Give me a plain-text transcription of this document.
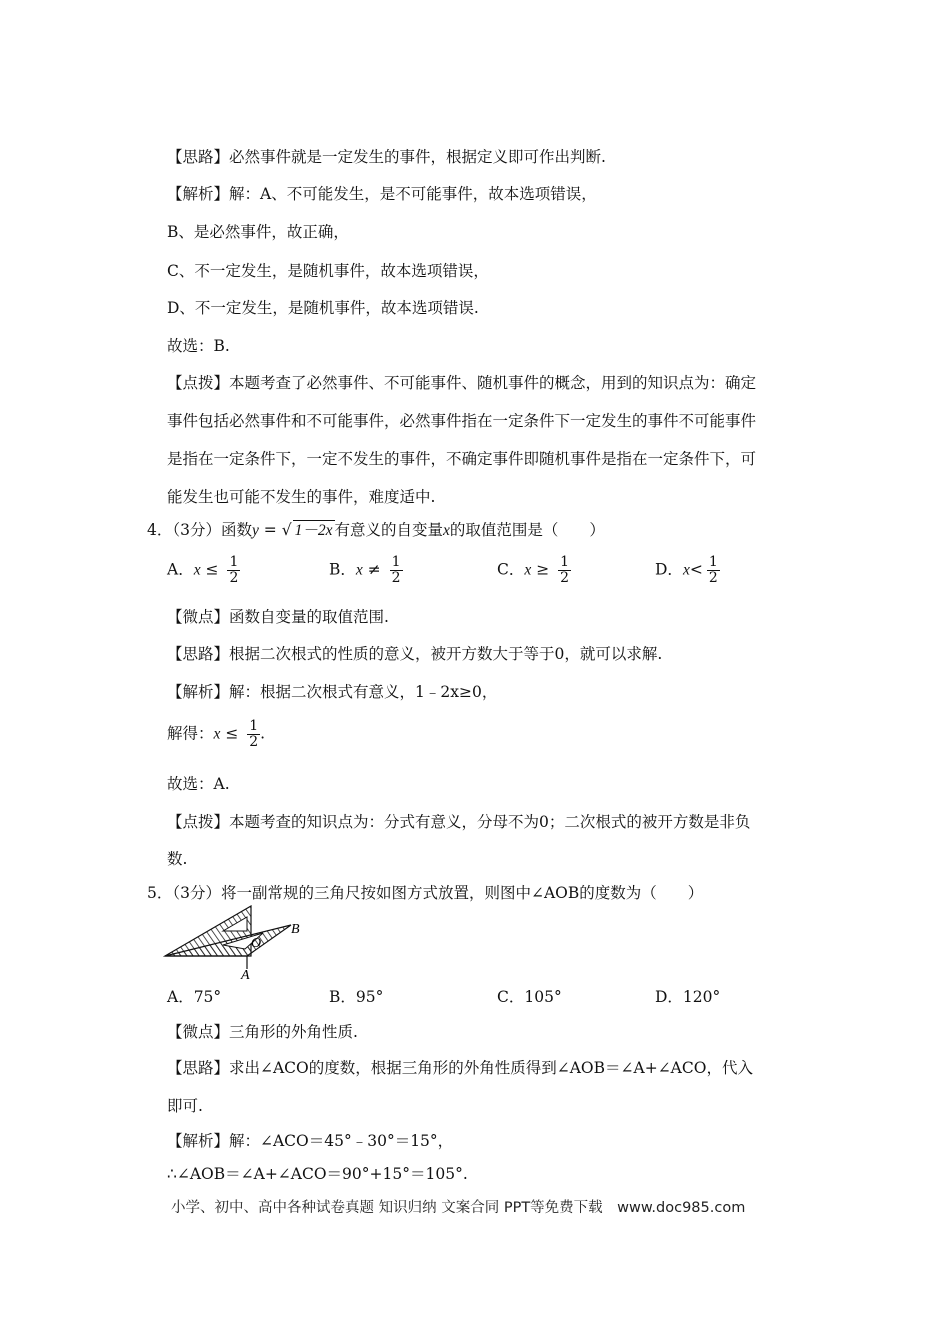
【思路】必然事件就是一定发生的事件，根据定义即可作出判断.
【解析】解：A、不可能发生，是不可能事件，故本选项错误，
B、是必然事件，故正确，
C、不一定发生，是随机事件，故本选项错误，
D、不一定发生，是随机事件，故本选项错误.
故选：B.
【点拨】本题考查了必然事件、不可能事件、随机事件的概念，用到的知识点为：确定
事件包括必然事件和不可能事件，必然事件指在一定条件下一定发生的事件不可能事件
是指在一定条件下，一定不发生的事件，不确定事件即随机事件是指在一定条件下，可
能发生也可能不发生的事件，难度适中.
4．（3分）函数y = √ 1－2x 有意义的自变量x的取值范围是（　　）
A．$x \le \frac{1}{2}$	B．$x \ne \frac{1}{2}$	C．$x \ge \frac{1}{2}$	D．$x< \frac{1}{2}$
【微点】函数自变量的取值范围.
【思路】根据二次根式的性质的意义，被开方数大于等于0，就可以求解.
【解析】解：根据二次根式有意义，1﹣2x≥0，
解得：$x \le \frac{1}{2}$ .
故选：A.
【点拨】本题考查的知识点为：分式有意义，分母不为0；二次根式的被开方数是非负
数.
5．（3分）将一副常规的三角尺按如图方式放置，则图中∠AOB的度数为（　　）
B
O
A
A．75°	B．95°	C．105°	D．120°
【微点】三角形的外角性质.
【思路】求出∠ACO的度数，根据三角形的外角性质得到∠AOB＝∠A+∠ACO，代入
即可.
【解析】解：∠ACO＝45°﹣30°＝15°，
∴∠AOB＝∠A+∠ACO＝90°+15°＝105°.
小学、初中、高中各种试卷真题 知识归纳 文案合同 PPT等免费下载　www.doc985.com
